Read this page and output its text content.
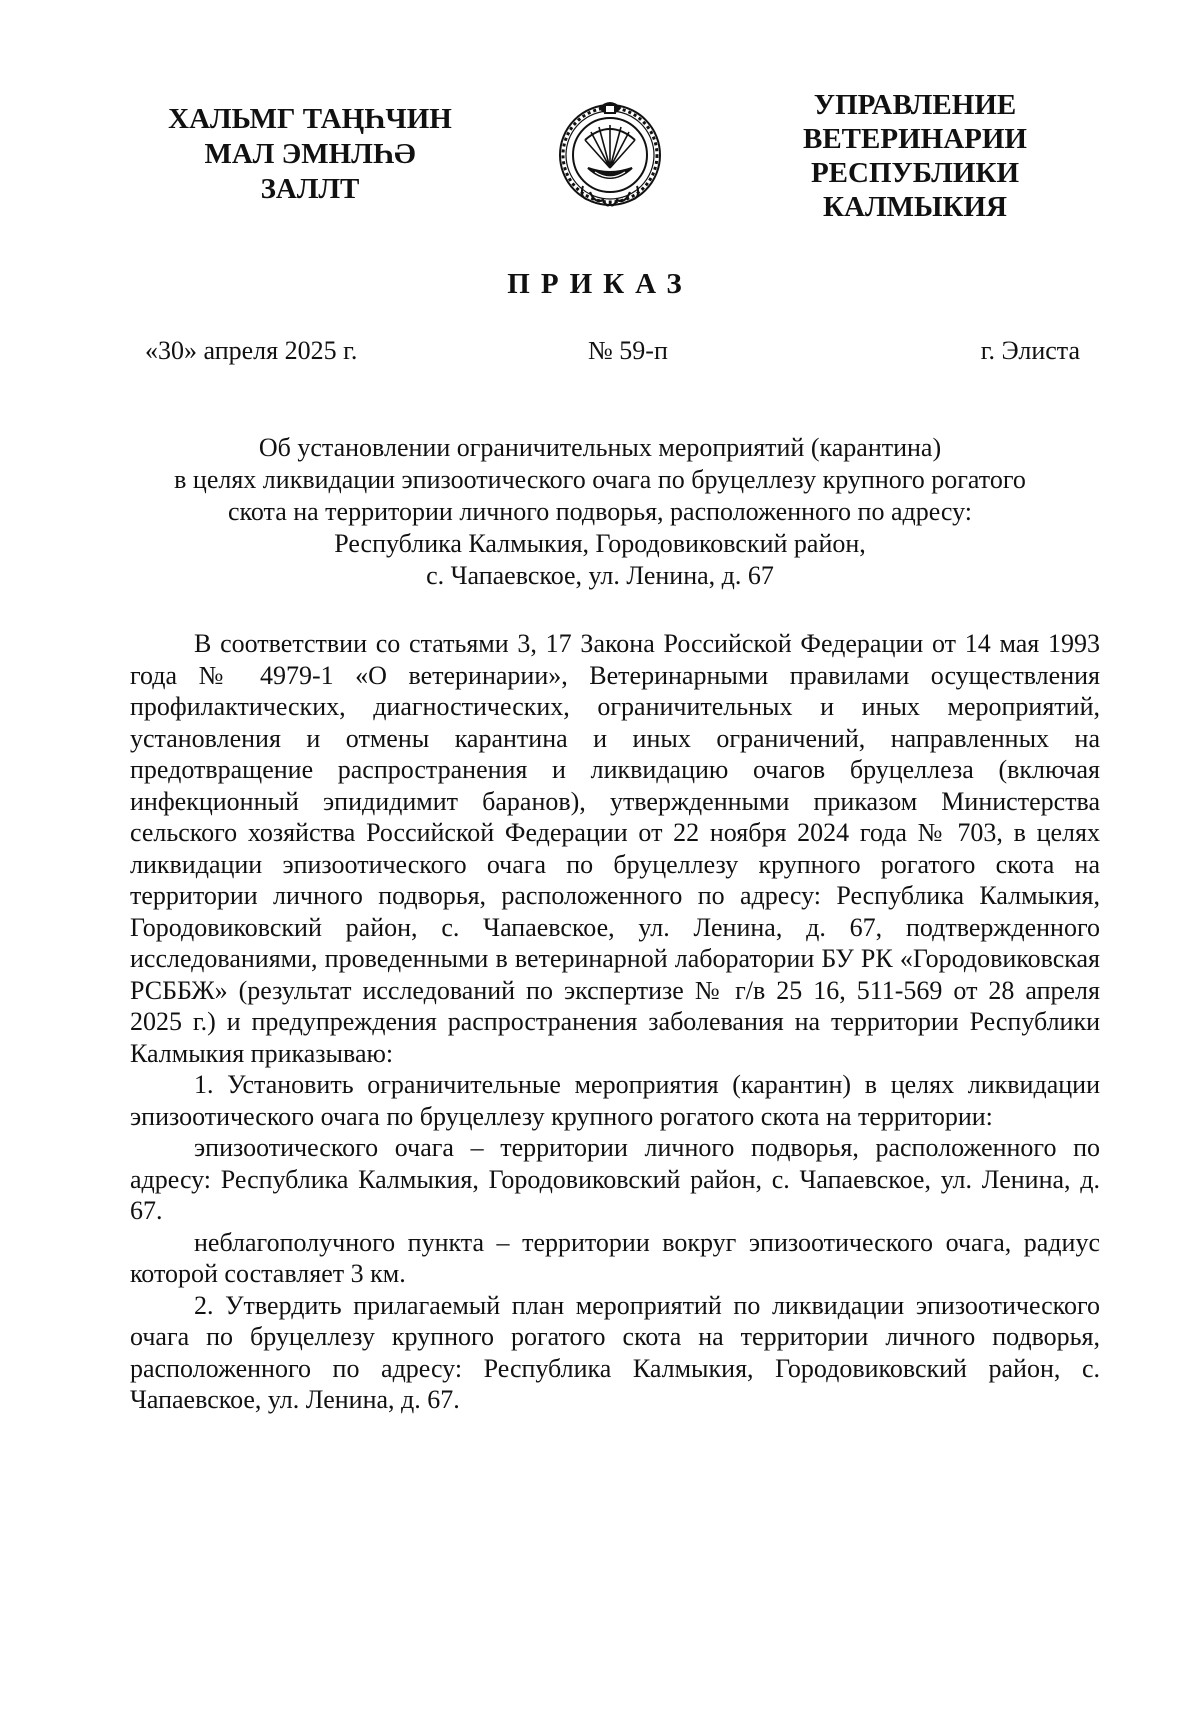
ХАЛЬМГ ТАҢҺЧИН
МАЛ ЭМНЛҺӘ
ЗАЛЛТ
УПРАВЛЕНИЕ
ВЕТЕРИНАРИИ
РЕСПУБЛИКИ
КАЛМЫКИЯ
ПРИКАЗ
«30» апреля 2025 г.	№ 59-п	г. Элиста
Об установлении ограничительных мероприятий (карантина)
в целях ликвидации эпизоотического очага по бруцеллезу крупного рогатого
скота на территории личного подворья, расположенного по адресу:
Республика Калмыкия, Городовиковский район,
с. Чапаевское, ул. Ленина, д. 67

В соответствии со статьями 3, 17 Закона Российской Федерации от 14 мая 1993 года № 4979-1 «О ветеринарии», Ветеринарными правилами осуществления профилактических, диагностических, ограничительных и иных мероприятий, установления и отмены карантина и иных ограничений, направленных на предотвращение распространения и ликвидацию очагов бруцеллеза (включая инфекционный эпидидимит баранов), утвержденными приказом Министерства сельского хозяйства Российской Федерации от 22 ноября 2024 года № 703, в целях ликвидации эпизоотического очага по бруцеллезу крупного рогатого скота на территории личного подворья, расположенного по адресу: Республика Калмыкия, Городовиковский район, с. Чапаевское, ул. Ленина, д. 67, подтвержденного исследованиями, проведенными в ветеринарной лаборатории БУ РК «Городовиковская РСББЖ» (результат исследований по экспертизе № г/в 25 16, 511-569 от 28 апреля 2025 г.) и предупреждения распространения заболевания на территории Республики Калмыкия приказываю:

1. Установить ограничительные мероприятия (карантин) в целях ликвидации эпизоотического очага по бруцеллезу крупного рогатого скота на территории:

эпизоотического очага – территории личного подворья, расположенного по адресу: Республика Калмыкия, Городовиковский район, с. Чапаевское, ул. Ленина, д. 67.

неблагополучного пункта – территории вокруг эпизоотического очага, радиус которой составляет 3 км.

2. Утвердить прилагаемый план мероприятий по ликвидации эпизоотического очага по бруцеллезу крупного рогатого скота на территории личного подворья, расположенного по адресу: Республика Калмыкия, Городовиковский район, с. Чапаевское, ул. Ленина, д. 67.
